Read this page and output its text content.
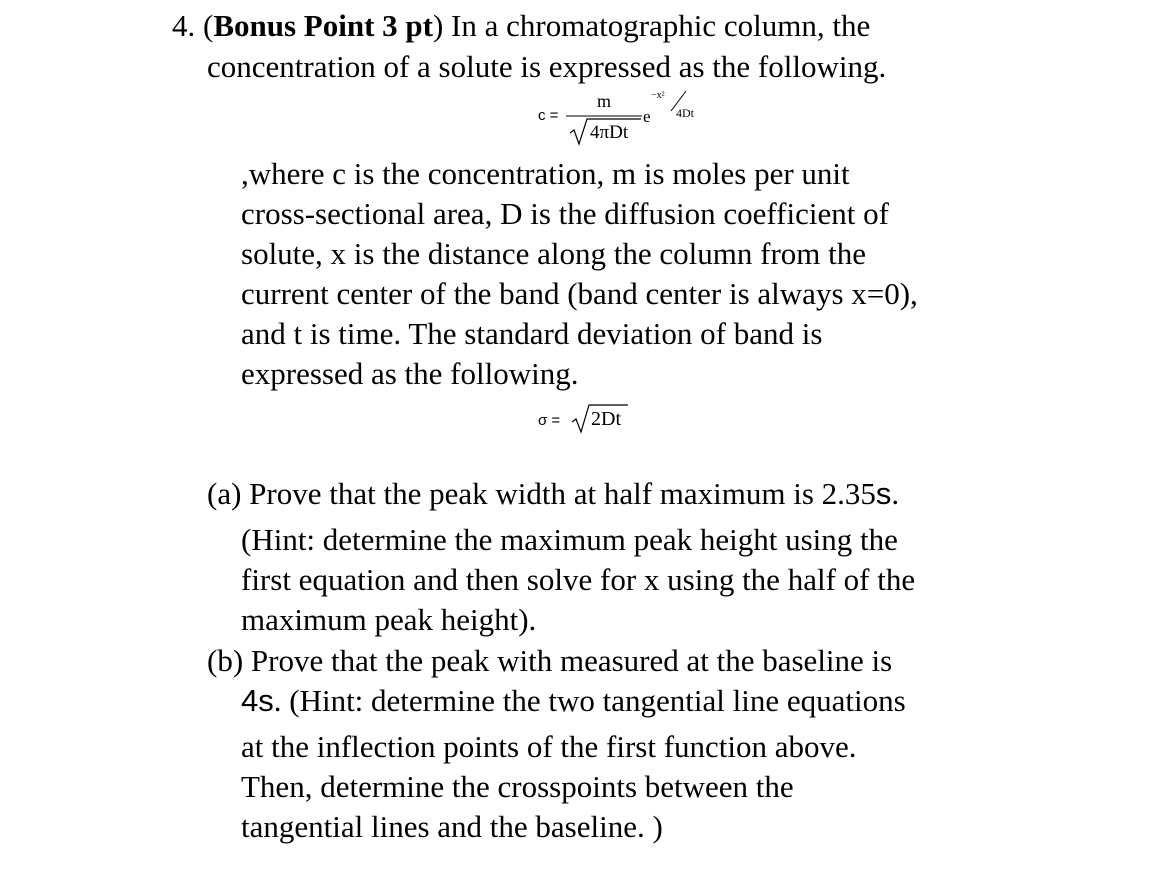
4. (Bonus Point 3 pt) In a chromatographic column, the
concentration of a solute is expressed as the following.
c =
m
4πDt
e
−x²
4Dt
,where c is the concentration, m is moles per unit
cross-sectional area, D is the diffusion coefficient of
solute, x is the distance along the column from the
current center of the band (band center is always x=0),
and t is time. The standard deviation of band is
expressed as the following.
σ = 2Dt
(a) Prove that the peak width at half maximum is 2.35s.
(Hint: determine the maximum peak height using the
first equation and then solve for x using the half of the
maximum peak height).
(b) Prove that the peak with measured at the baseline is
4s. (Hint: determine the two tangential line equations
at the inflection points of the first function above.
Then, determine the crosspoints between the
tangential lines and the baseline. )
